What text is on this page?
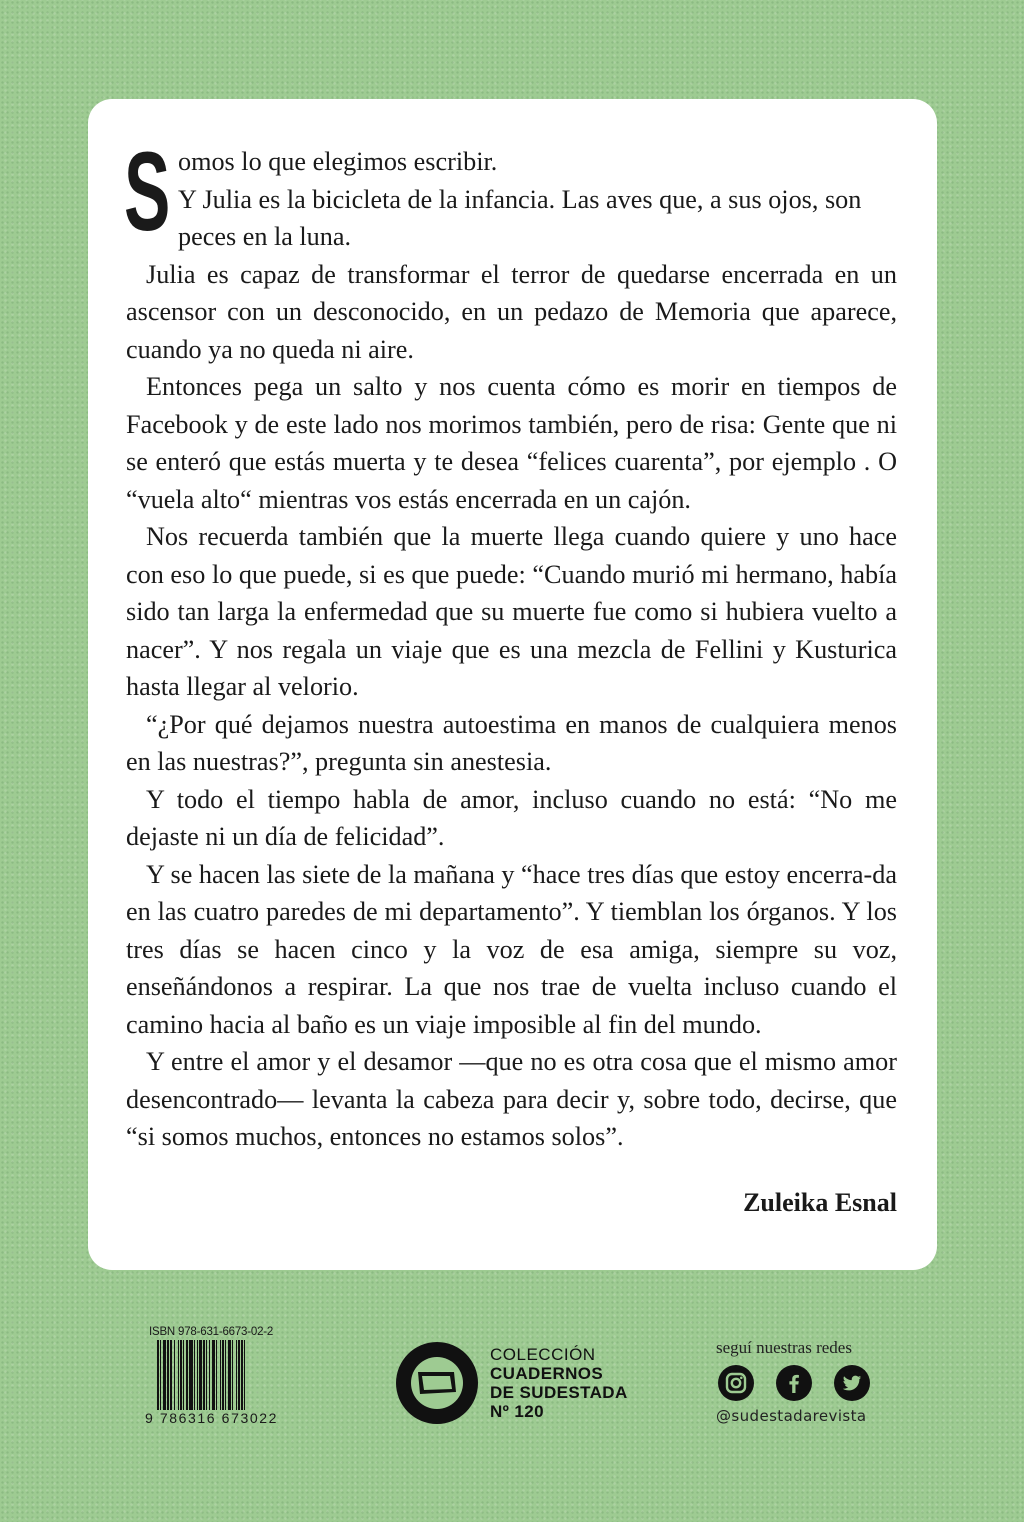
S omos lo que elegimos escribir.

Y Julia es la bicicleta de la infancia. Las aves que, a sus ojos, son

peces en la luna.

Julia es capaz de transformar el terror de quedarse encerrada en un ascensor con un desconocido, en un pedazo de Memoria que aparece, cuando ya no queda ni aire.

Entonces pega un salto y nos cuenta cómo es morir en tiempos de Facebook y de este lado nos morimos también, pero de risa: Gente que ni se enteró que estás muerta y te desea “felices cuarenta”, por ejemplo . O “vuela alto“ mientras vos estás encerrada en un cajón.

Nos recuerda también que la muerte llega cuando quiere y uno hace con eso lo que puede, si es que puede: “Cuando murió mi hermano, había sido tan larga la enfermedad que su muerte fue como si hubiera vuelto a nacer”. Y nos regala un viaje que es una mezcla de Fellini y Kusturica hasta llegar al velorio.

“¿Por qué dejamos nuestra autoestima en manos de cualquiera menos en las nuestras?”, pregunta sin anestesia.

Y todo el tiempo habla de amor, incluso cuando no está: “No me dejaste ni un día de felicidad”.

Y se hacen las siete de la mañana y “hace tres días que estoy encerra-da en las cuatro paredes de mi departamento”. Y tiemblan los órganos. Y los tres días se hacen cinco y la voz de esa amiga, siempre su voz, enseñándonos a respirar. La que nos trae de vuelta incluso cuando el camino hacia al baño es un viaje imposible al fin del mundo.

Y entre el amor y el desamor —que no es otra cosa que el mismo amor desencontrado— levanta la cabeza para decir y, sobre todo, decirse, que “si somos muchos, entonces no estamos solos”.

Zuleika Esnal
ISBN 978-631-6673-02-2
9 786316 673022
COLECCIÓN
CUADERNOS
DE SUDESTADA
Nº 120
seguí nuestras redes
@sudestadarevista
